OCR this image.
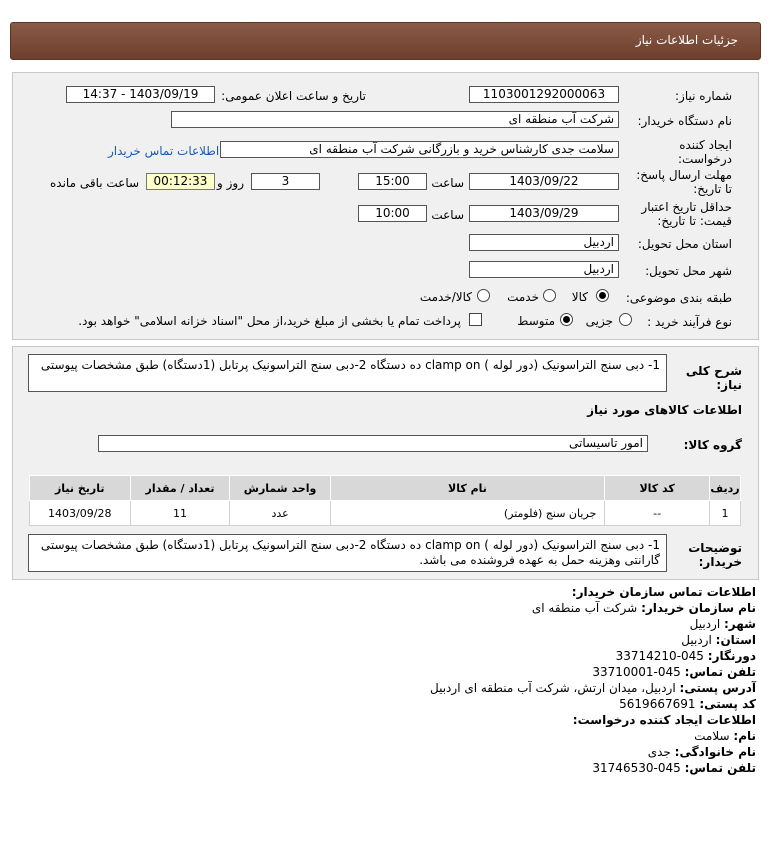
جزئیات اطلاعات نیاز
شماره نیاز:
1103001292000063
تاریخ و ساعت اعلان عمومی:
1403/09/19 - 14:37
نام دستگاه خریدار:
شرکت آب منطقه ای
ایجاد کننده درخواست:
سلامت جدی کارشناس خرید و بازرگانی شرکت آب منطقه ای
اطلاعات تماس خریدار
مهلت ارسال پاسخ: تا تاریخ:
1403/09/22
ساعت
15:00
3
روز و
00:12:33
ساعت باقی مانده
حداقل تاریخ اعتبار قیمت: تا تاریخ:
1403/09/29
ساعت
10:00
استان محل تحویل:
اردبیل
شهر محل تحویل:
اردبیل
طبقه بندی موضوعی:
کالا
خدمت
کالا/خدمت
نوع فرآیند خرید :
جزیی
متوسط
پرداخت تمام یا بخشی از مبلغ خرید،از محل "اسناد خزانه اسلامی" خواهد بود.
شرح کلی نیاز:
1- دبی سنج التراسونیک (دور لوله ) clamp on ده دستگاه 2-دبی سنج التراسونیک پرتابل (1دستگاه) طبق مشخصات پیوستی
اطلاعات کالاهای مورد نیاز
گروه کالا:
امور تاسیساتی
ردیف	کد کالا	نام کالا	واحد شمارش	تعداد / مقدار	تاریخ نیاز
1	--	جریان سنج (فلومتر)	عدد	11	1403/09/28
توضیحات خریدار:
1- دبی سنج التراسونیک (دور لوله ) clamp on ده دستگاه 2-دبی سنج التراسونیک پرتابل (1دستگاه) طبق مشخصات پیوستی گارانتی وهزینه حمل به عهده فروشنده می باشد.
اطلاعات تماس سازمان خریدار:
نام سازمان خریدار: شرکت آب منطقه ای
شهر: اردبیل
استان: اردبیل
دورنگار: 045-33714210
تلفن تماس: 045-33710001
آدرس پستی: اردبیل، میدان ارتش، شرکت آب منطقه ای اردبیل
کد پستی: 5619667691
اطلاعات ایجاد کننده درخواست:
نام: سلامت
نام خانوادگی: جدی
تلفن تماس: 045-31746530
